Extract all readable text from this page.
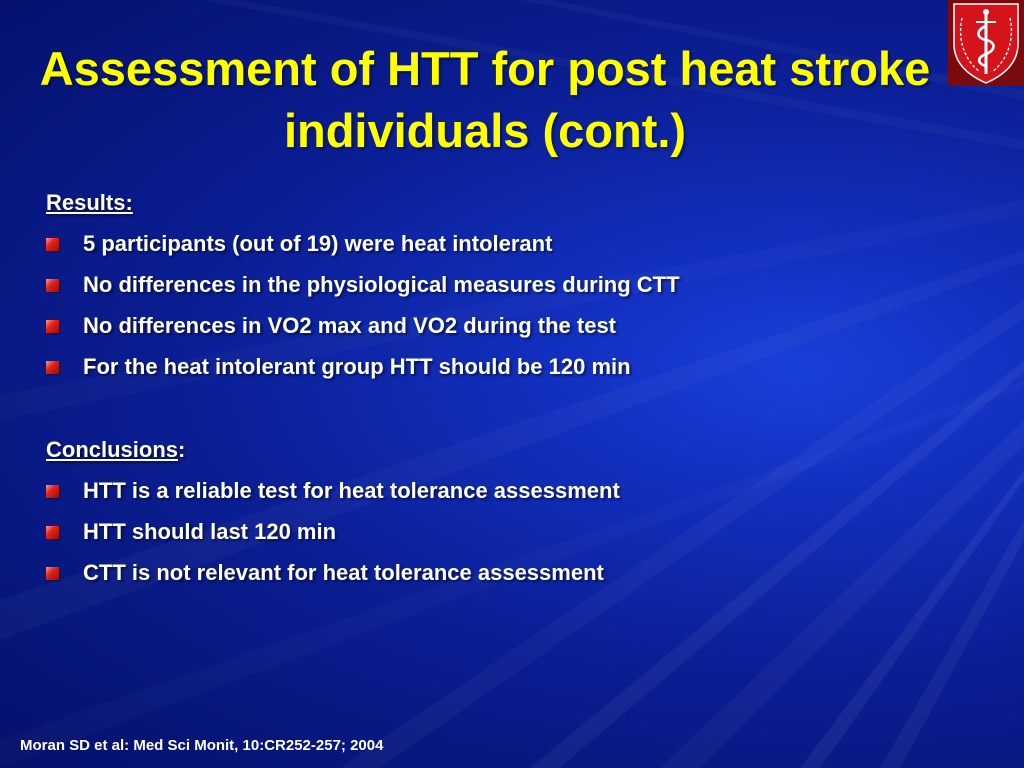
Assessment of HTT for post heat stroke individuals (cont.)

Results:

5 participants (out of 19) were heat intolerant
No differences in the physiological measures during CTT
No differences in VO2 max and VO2 during the test
For the heat intolerant group HTT should be 120 min

Conclusions:

HTT is a reliable test for heat tolerance assessment
HTT should last 120 min
CTT is not relevant for heat tolerance assessment

Moran SD et al: Med Sci Monit, 10:CR252-257; 2004
